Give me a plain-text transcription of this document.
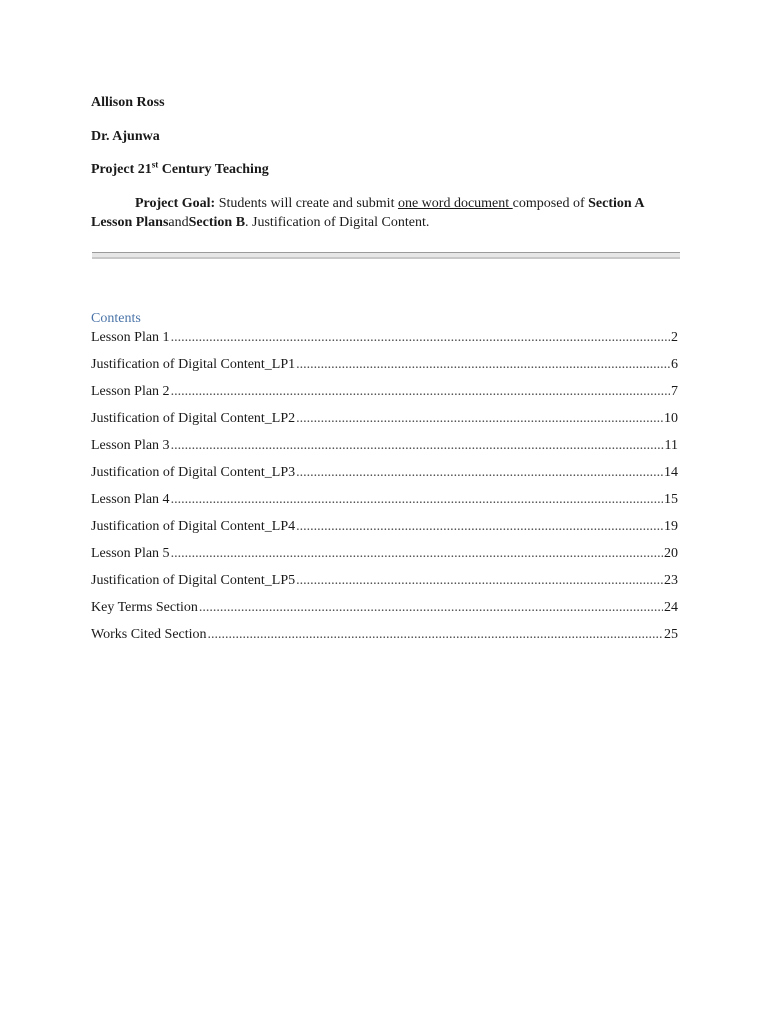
Allison Ross
Dr. Ajunwa
Project 21st Century Teaching
Project Goal: Students will create and submit one word document composed of Section A Lesson PlansandSection B. Justification of Digital Content.
Contents
Lesson Plan 1 .....	2
Justification of Digital Content_LP1 .....	6
Lesson Plan 2 .....	7
Justification of Digital Content_LP2 .....	10
Lesson Plan 3 .....	11
Justification of Digital Content_LP3 .....	14
Lesson Plan 4 .....	15
Justification of Digital Content_LP4 .....	19
Lesson Plan 5 .....	20
Justification of Digital Content_LP5 .....	23
Key Terms Section .....	24
Works Cited Section .....	25
